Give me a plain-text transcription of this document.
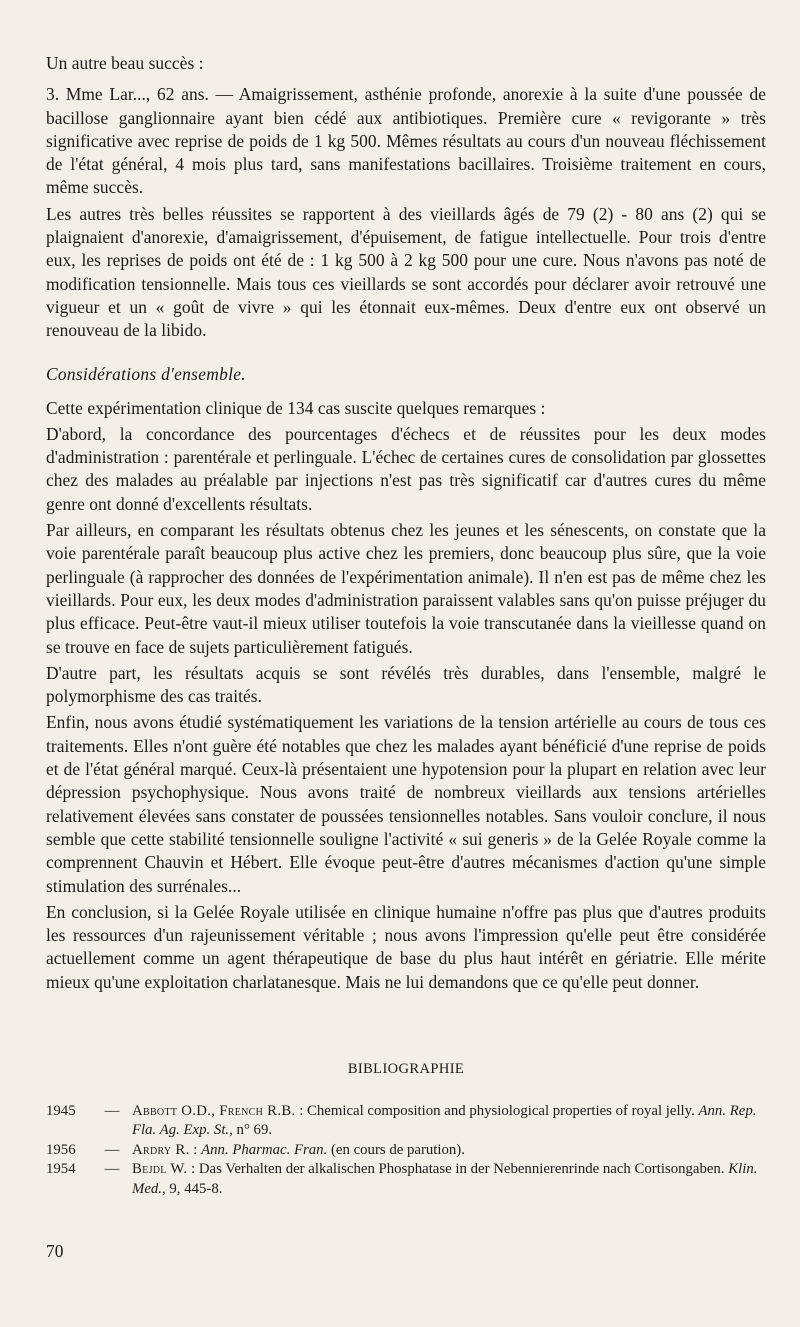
Un autre beau succès :

3. Mme Lar..., 62 ans. — Amaigrissement, asthénie profonde, anorexie à la suite d'une poussée de bacillose ganglionnaire ayant bien cédé aux antibiotiques. Première cure « revigorante » très significative avec reprise de poids de 1 kg 500. Mêmes résultats au cours d'un nouveau fléchissement de l'état général, 4 mois plus tard, sans manifestations bacillaires. Troisième traitement en cours, même succès.

Les autres très belles réussites se rapportent à des vieillards âgés de 79 (2) - 80 ans (2) qui se plaignaient d'anorexie, d'amaigrissement, d'épuisement, de fatigue intellectuelle. Pour trois d'entre eux, les reprises de poids ont été de : 1 kg 500 à 2 kg 500 pour une cure. Nous n'avons pas noté de modification tensionnelle. Mais tous ces vieillards se sont accordés pour déclarer avoir retrouvé une vigueur et un « goût de vivre » qui les étonnait eux-mêmes. Deux d'entre eux ont observé un renouveau de la libido.

Considérations d'ensemble.

Cette expérimentation clinique de 134 cas suscite quelques remarques :

D'abord, la concordance des pourcentages d'échecs et de réussites pour les deux modes d'administration : parentérale et perlinguale. L'échec de certaines cures de consolidation par glossettes chez des malades au préalable par injections n'est pas très significatif car d'autres cures du même genre ont donné d'excellents résultats.

Par ailleurs, en comparant les résultats obtenus chez les jeunes et les sénescents, on constate que la voie parentérale paraît beaucoup plus active chez les premiers, donc beaucoup plus sûre, que la voie perlinguale (à rapprocher des données de l'expérimentation animale). Il n'en est pas de même chez les vieillards. Pour eux, les deux modes d'administration paraissent valables sans qu'on puisse préjuger du plus efficace. Peut-être vaut-il mieux utiliser toutefois la voie transcutanée dans la vieillesse quand on se trouve en face de sujets particulièrement fatigués.

D'autre part, les résultats acquis se sont révélés très durables, dans l'ensemble, malgré le polymorphisme des cas traités.

Enfin, nous avons étudié systématiquement les variations de la tension artérielle au cours de tous ces traitements. Elles n'ont guère été notables que chez les malades ayant bénéficié d'une reprise de poids et de l'état général marqué. Ceux-là présentaient une hypotension pour la plupart en relation avec leur dépression psychophysique. Nous avons traité de nombreux vieillards aux tensions artérielles relativement élevées sans constater de poussées tensionnelles notables. Sans vouloir conclure, il nous semble que cette stabilité tensionnelle souligne l'activité « sui generis » de la Gelée Royale comme la comprennent Chauvin et Hébert. Elle évoque peut-être d'autres mécanismes d'action qu'une simple stimulation des surrénales...

En conclusion, si la Gelée Royale utilisée en clinique humaine n'offre pas plus que d'autres produits les ressources d'un rajeunissement véritable ; nous avons l'impression qu'elle peut être considérée actuellement comme un agent thérapeutique de base du plus haut intérêt en gériatrie. Elle mérite mieux qu'une exploitation charlatanesque. Mais ne lui demandons que ce qu'elle peut donner.

BIBLIOGRAPHIE
1945	— Abbott O.D., French R.B. : Chemical composition and physiological properties of royal jelly. Ann. Rep. Fla. Ag. Exp. St., n° 69.
1956	— Ardry R. : Ann. Pharmac. Fran. (en cours de parution).
1954	— Bejdl W. : Das Verhalten der alkalischen Phosphatase in der Nebennierenrinde nach Cortisongaben. Klin. Med., 9, 445-8.
70
